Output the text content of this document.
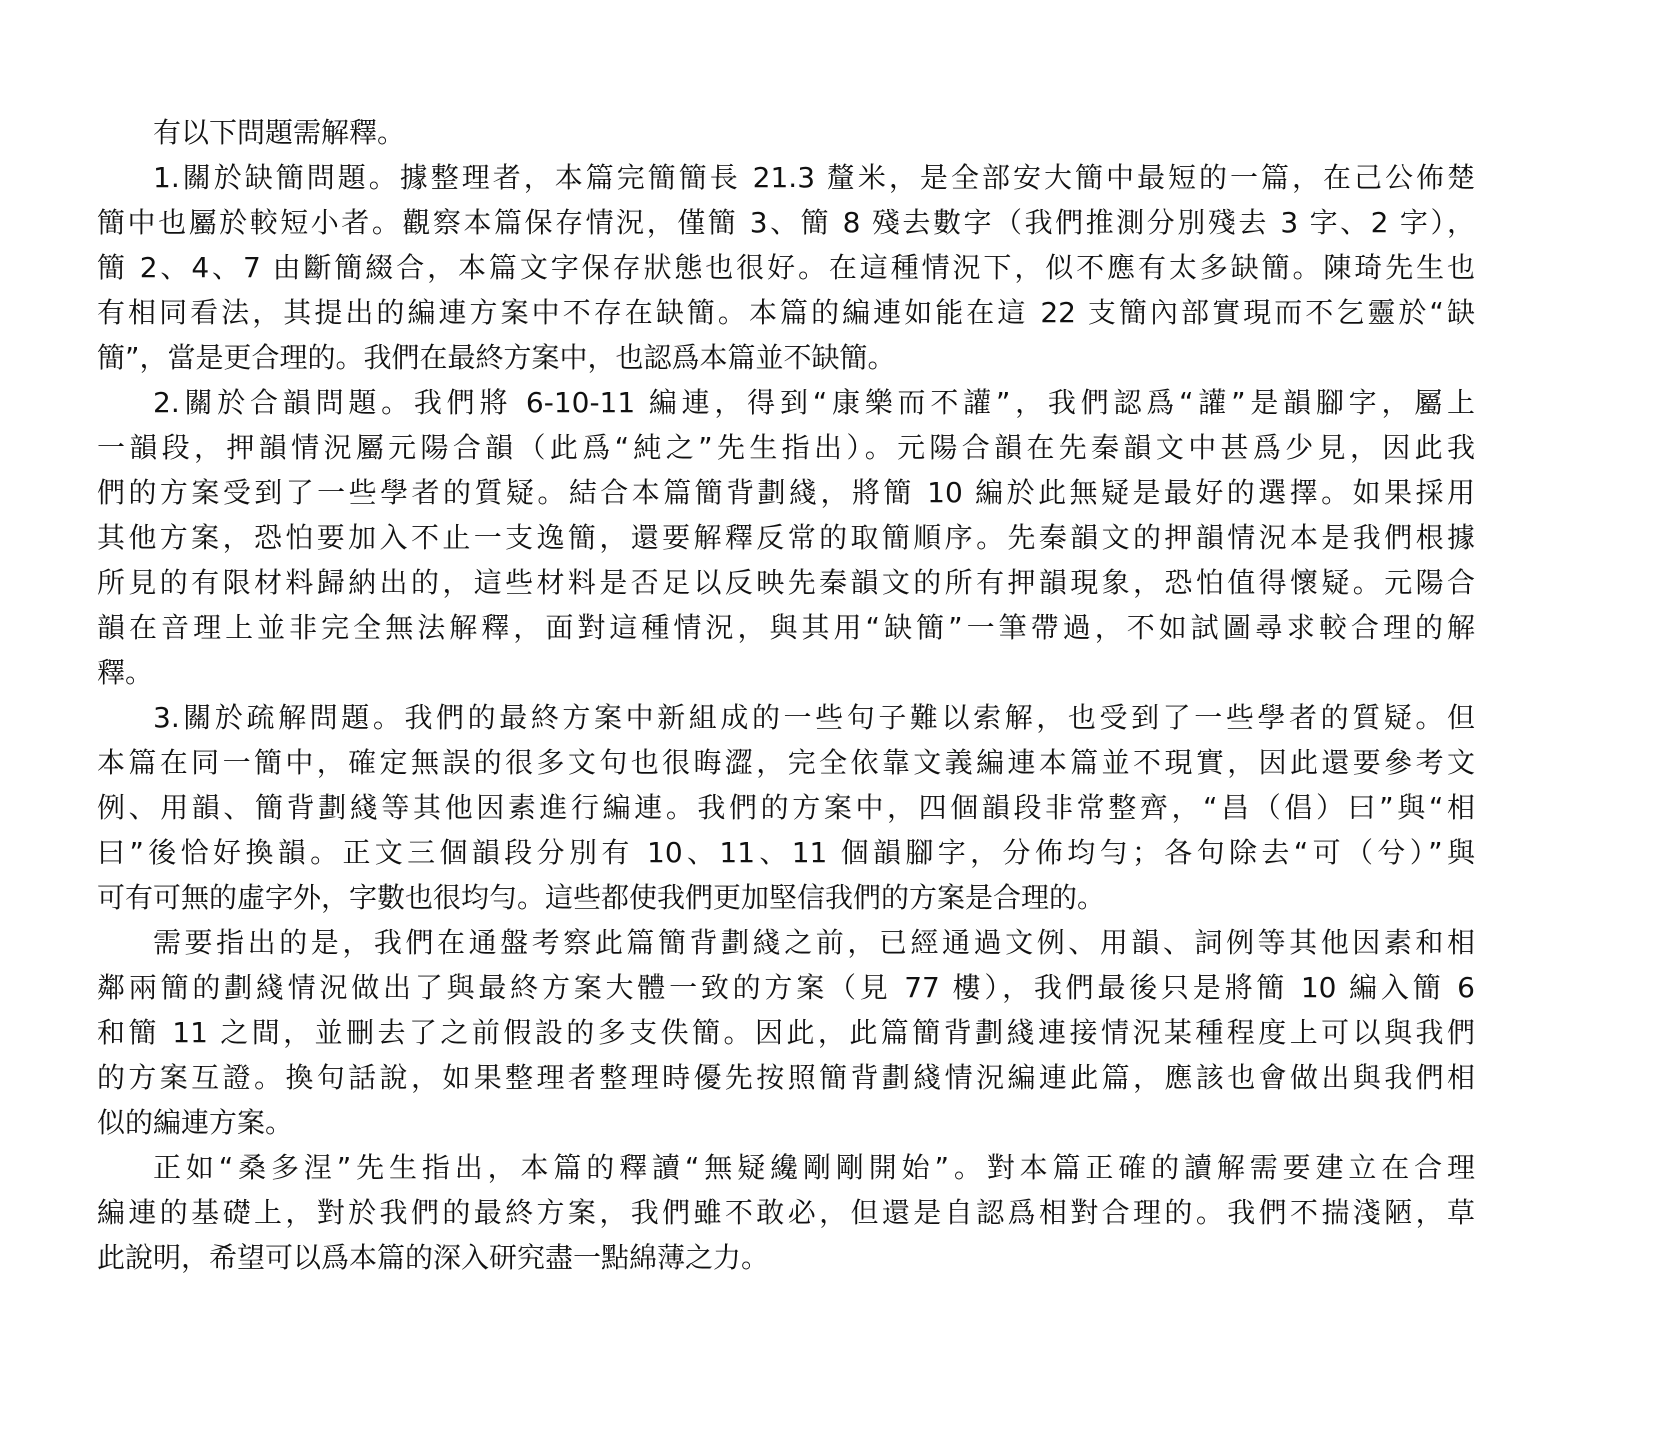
有以下問題需解釋。
1.關於缺簡問題。據整理者，本篇完簡簡長 21.3 釐米，是全部安大簡中最短的一篇，在己公佈楚
簡中也屬於較短小者。觀察本篇保存情況，僅簡 3、簡 8 殘去數字（我們推測分別殘去 3 字、2 字），
簡 2、4、7 由斷簡綴合，本篇文字保存狀態也很好。在這種情況下，似不應有太多缺簡。陳琦先生也
有相同看法，其提出的編連方案中不存在缺簡。本篇的編連如能在這 22 支簡內部實現而不乞靈於“缺
簡”，當是更合理的。我們在最終方案中，也認爲本篇並不缺簡。
2.關於合韻問題。我們將 6-10-11 編連，得到“康樂而不讙”，我們認爲“讙”是韻腳字，屬上
一韻段，押韻情況屬元陽合韻（此爲“純之”先生指出）。元陽合韻在先秦韻文中甚爲少見，因此我
們的方案受到了一些學者的質疑。結合本篇簡背劃綫，將簡 10 編於此無疑是最好的選擇。如果採用
其他方案，恐怕要加入不止一支逸簡，還要解釋反常的取簡順序。先秦韻文的押韻情況本是我們根據
所見的有限材料歸納出的，這些材料是否足以反映先秦韻文的所有押韻現象，恐怕值得懷疑。元陽合
韻在音理上並非完全無法解釋，面對這種情況，與其用“缺簡”一筆帶過，不如試圖尋求較合理的解
釋。
3.關於疏解問題。我們的最終方案中新組成的一些句子難以索解，也受到了一些學者的質疑。但
本篇在同一簡中，確定無誤的很多文句也很晦澀，完全依靠文義編連本篇並不現實，因此還要參考文
例、用韻、簡背劃綫等其他因素進行編連。我們的方案中，四個韻段非常整齊，“昌（倡）曰”與“相
曰”後恰好換韻。正文三個韻段分別有 10、11、11 個韻腳字，分佈均勻；各句除去“可（兮）”與
可有可無的虛字外，字數也很均勻。這些都使我們更加堅信我們的方案是合理的。
需要指出的是，我們在通盤考察此篇簡背劃綫之前，已經通過文例、用韻、詞例等其他因素和相
鄰兩簡的劃綫情況做出了與最終方案大體一致的方案（見 77 樓），我們最後只是將簡 10 編入簡 6
和簡 11 之間，並刪去了之前假設的多支佚簡。因此，此篇簡背劃綫連接情況某種程度上可以與我們
的方案互證。換句話說，如果整理者整理時優先按照簡背劃綫情況編連此篇，應該也會做出與我們相
似的編連方案。
正如“桑多涅”先生指出，本篇的釋讀“無疑纔剛剛開始”。對本篇正確的讀解需要建立在合理
編連的基礎上，對於我們的最終方案，我們雖不敢必，但還是自認爲相對合理的。我們不揣淺陋，草
此說明，希望可以爲本篇的深入研究盡一點綿薄之力。
